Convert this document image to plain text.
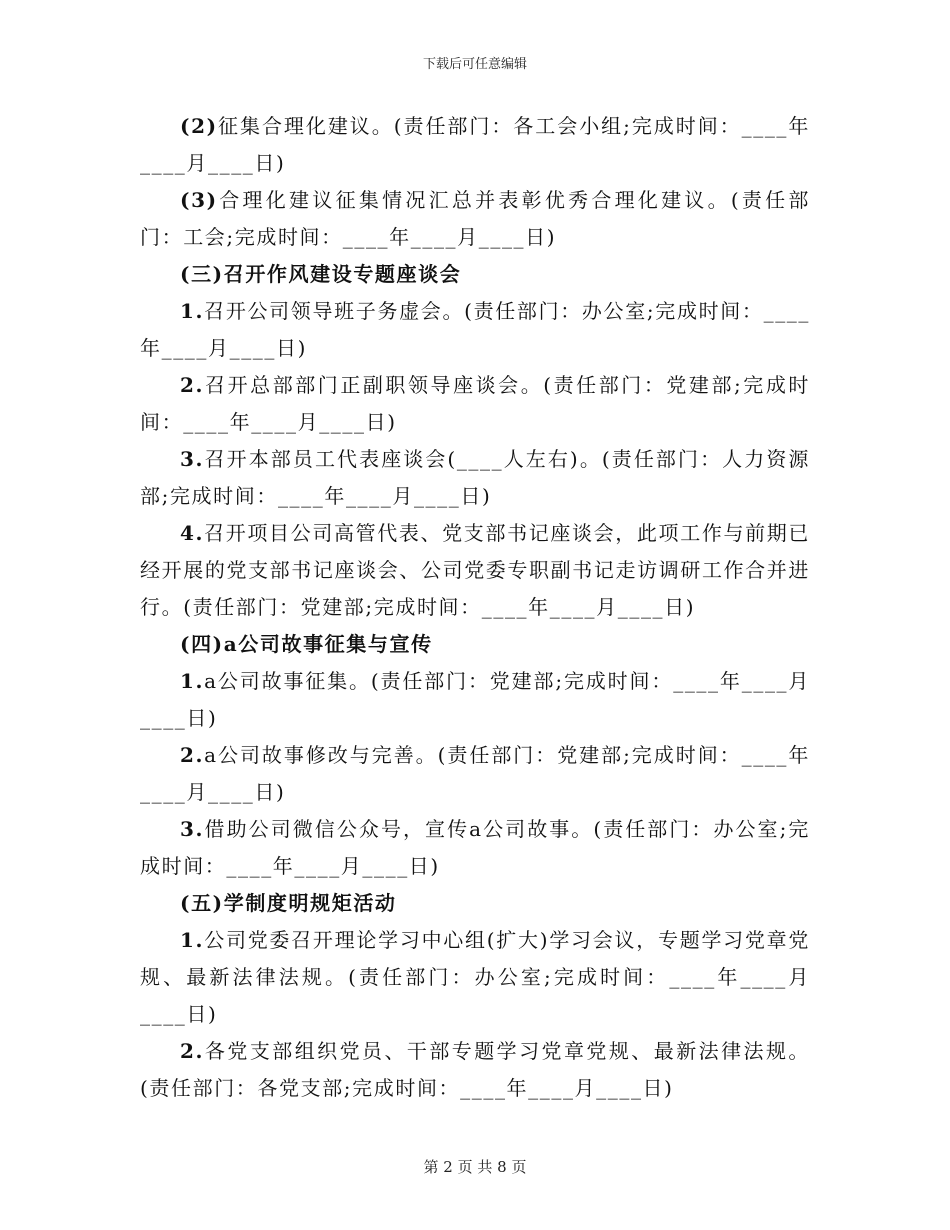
下载后可任意编辑

(2)征集合理化建议。(责任部门：各工会小组;完成时间：____年____月____日)

(3)合理化建议征集情况汇总并表彰优秀合理化建议。(责任部门：工会;完成时间：____年____月____日)

(三)召开作风建设专题座谈会

1.召开公司领导班子务虚会。(责任部门：办公室;完成时间：____年____月____日)

2.召开总部部门正副职领导座谈会。(责任部门：党建部;完成时间：____年____月____日)

3.召开本部员工代表座谈会(____人左右)。(责任部门：人力资源部;完成时间：____年____月____日)

4.召开项目公司高管代表、党支部书记座谈会，此项工作与前期已经开展的党支部书记座谈会、公司党委专职副书记走访调研工作合并进行。(责任部门：党建部;完成时间：____年____月____日)

(四)a公司故事征集与宣传

1.a公司故事征集。(责任部门：党建部;完成时间：____年____月____日)

2.a公司故事修改与完善。(责任部门：党建部;完成时间：____年____月____日)

3.借助公司微信公众号，宣传a公司故事。(责任部门：办公室;完成时间：____年____月____日)

(五)学制度明规矩活动

1.公司党委召开理论学习中心组(扩大)学习会议，专题学习党章党规、最新法律法规。(责任部门：办公室;完成时间：____年____月____日)

2.各党支部组织党员、干部专题学习党章党规、最新法律法规。(责任部门：各党支部;完成时间：____年____月____日)

第 2 页 共 8 页
